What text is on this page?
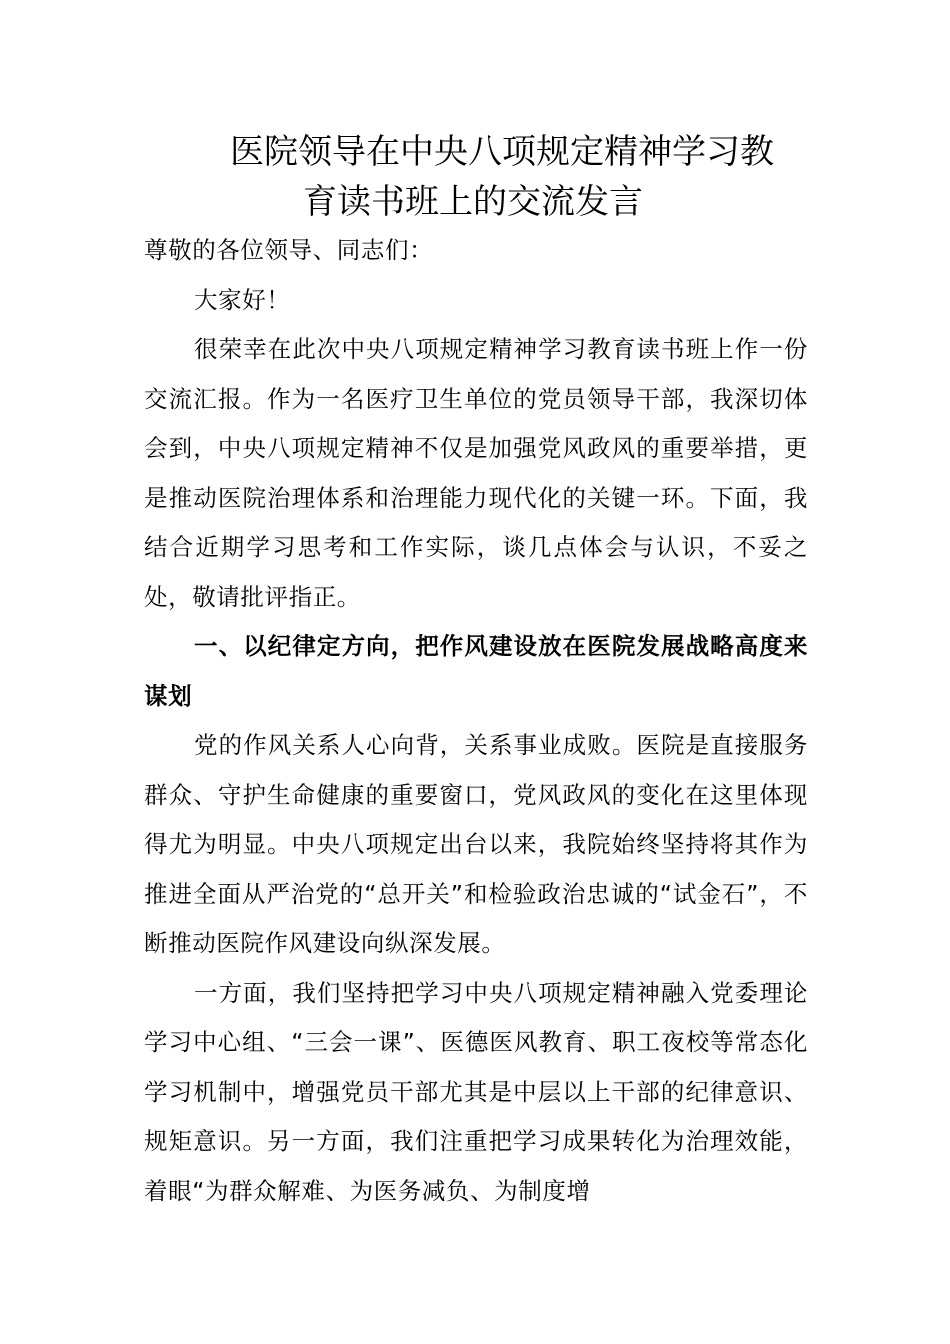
医院领导在中央八项规定精神学习教
育读书班上的交流发言

尊敬的各位领导、同志们：

大家好！

很荣幸在此次中央八项规定精神学习教育读书班上作一份交流汇报。作为一名医疗卫生单位的党员领导干部，我深切体会到，中央八项规定精神不仅是加强党风政风的重要举措，更是推动医院治理体系和治理能力现代化的关键一环。下面，我结合近期学习思考和工作实际，谈几点体会与认识，不妥之处，敬请批评指正。

一、以纪律定方向，把作风建设放在医院发展战略高度来谋划

党的作风关系人心向背，关系事业成败。医院是直接服务群众、守护生命健康的重要窗口，党风政风的变化在这里体现得尤为明显。中央八项规定出台以来，我院始终坚持将其作为推进全面从严治党的“总开关”和检验政治忠诚的“试金石”，不断推动医院作风建设向纵深发展。

一方面，我们坚持把学习中央八项规定精神融入党委理论学习中心组、“三会一课”、医德医风教育、职工夜校等常态化学习机制中，增强党员干部尤其是中层以上干部的纪律意识、规矩意识。另一方面，我们注重把学习成果转化为治理效能，着眼“为群众解难、为医务减负、为制度增
